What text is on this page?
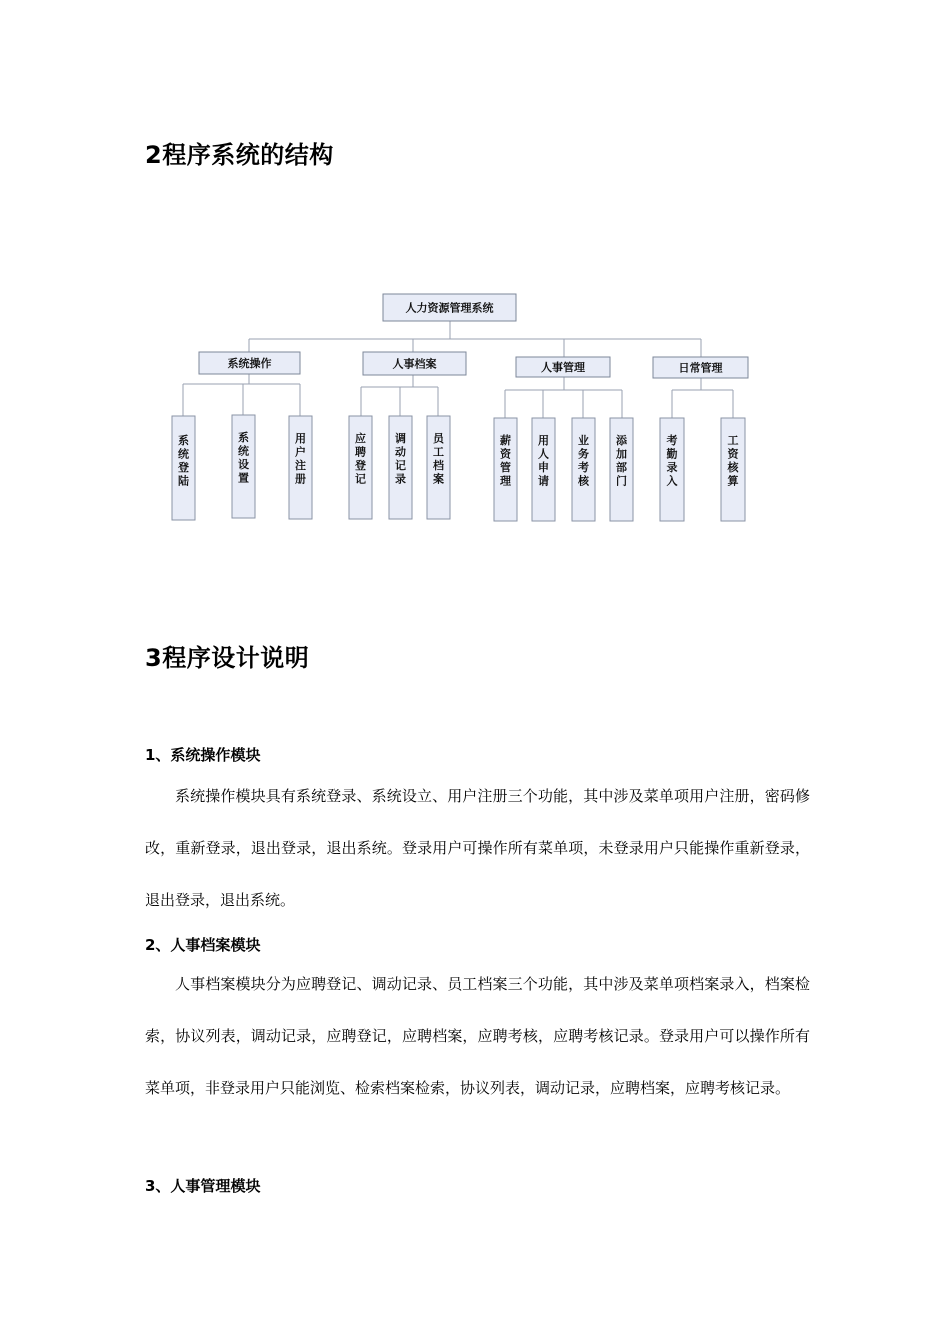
2程序系统的结构
人力资源管理系统
系统操作	人事档案	人事管理	日常管理
系统登陆
系统设置
用户注册
应聘登记
调动记录
员工档案
薪资管理
用人申请
业务考核
添加部门
考勤录入
工资核算
3程序设计说明
1、系统操作模块

系统操作模块具有系统登录、系统设立、用户注册三个功能，其中涉及菜单项用户注册，密码修改，重新登录，退出登录，退出系统。登录用户可操作所有菜单项，未登录用户只能操作重新登录，退出登录，退出系统。

2、人事档案模块

人事档案模块分为应聘登记、调动记录、员工档案三个功能，其中涉及菜单项档案录入，档案检索，协议列表，调动记录，应聘登记，应聘档案，应聘考核，应聘考核记录。登录用户可以操作所有菜单项，非登录用户只能浏览、检索档案检索，协议列表，调动记录，应聘档案，应聘考核记录。

3、人事管理模块
